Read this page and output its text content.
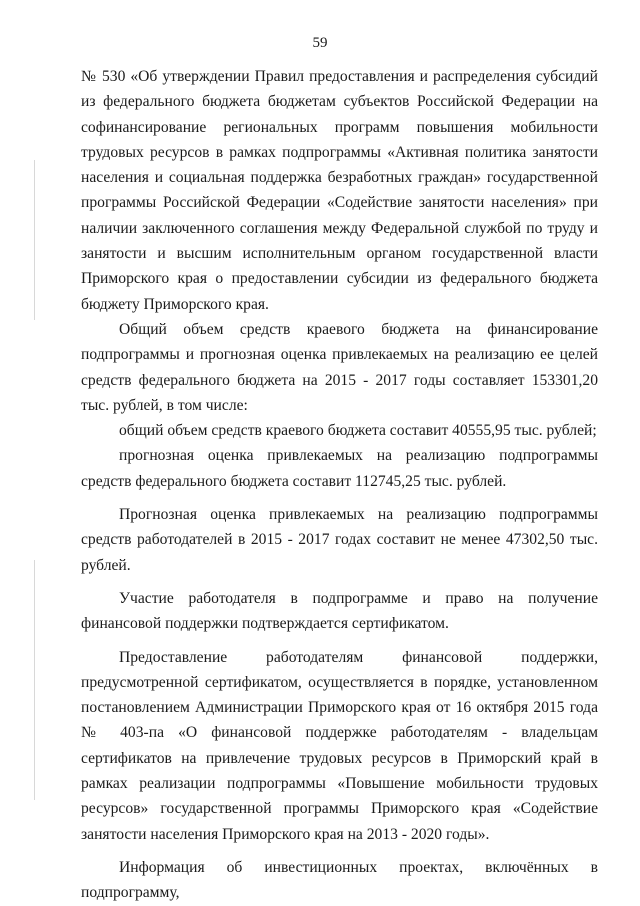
59

№ 530 «Об утверждении Правил предоставления и распределения субсидий из федерального бюджета бюджетам субъектов Российской Федерации на софинансирование региональных программ повышения мобильности трудовых ресурсов в рамках подпрограммы «Активная политика занятости населения и социальная поддержка безработных граждан» государственной программы Российской Федерации «Содействие занятости населения» при наличии заключенного соглашения между Федеральной службой по труду и занятости и высшим исполнительным органом государственной власти Приморского края о предоставлении субсидии из федерального бюджета бюджету Приморского края.

Общий объем средств краевого бюджета на финансирование подпрограммы и прогнозная оценка привлекаемых на реализацию ее целей средств федерального бюджета на 2015 - 2017 годы составляет 153301,20 тыс. рублей, в том числе:

общий объем средств краевого бюджета составит 40555,95 тыс. рублей;

прогнозная оценка привлекаемых на реализацию подпрограммы средств федерального бюджета составит 112745,25 тыс. рублей.

Прогнозная оценка привлекаемых на реализацию подпрограммы средств работодателей в 2015 - 2017 годах составит не менее 47302,50 тыс. рублей.

Участие работодателя в подпрограмме и право на получение финансовой поддержки подтверждается сертификатом.

Предоставление работодателям финансовой поддержки, предусмотренной сертификатом, осуществляется в порядке, установленном постановлением Администрации Приморского края от 16 октября 2015 года № 403-па «О финансовой поддержке работодателям - владельцам сертификатов на привлечение трудовых ресурсов в Приморский край в рамках реализации подпрограммы «Повышение мобильности трудовых ресурсов» государственной программы Приморского края «Содействие занятости населения Приморского края на 2013 - 2020 годы».

Информация об инвестиционных проектах, включённых в подпрограмму,
